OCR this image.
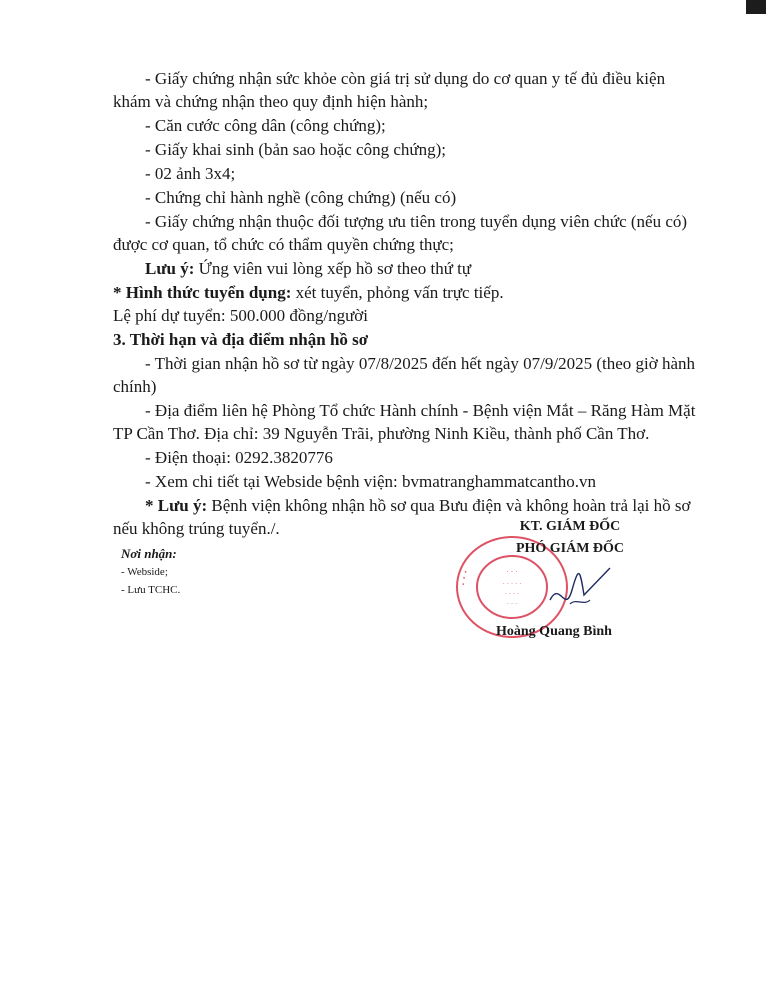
- Giấy chứng nhận sức khỏe còn giá trị sử dụng do cơ quan y tế đủ điều kiện
khám và chứng nhận theo quy định hiện hành;
- Căn cước công dân (công chứng);
- Giấy khai sinh (bản sao hoặc công chứng);
- 02 ảnh 3x4;
- Chứng chỉ hành nghề (công chứng) (nếu có)
- Giấy chứng nhận thuộc đối tượng ưu tiên trong tuyển dụng viên chức (nếu có)
được cơ quan, tổ chức có thẩm quyền chứng thực;
Lưu ý: Ứng viên vui lòng xếp hồ sơ theo thứ tự
* Hình thức tuyển dụng: xét tuyển, phỏng vấn trực tiếp.
Lệ phí dự tuyển: 500.000 đồng/người
3. Thời hạn và địa điểm nhận hồ sơ
- Thời gian nhận hồ sơ từ ngày 07/8/2025 đến hết ngày 07/9/2025 (theo giờ hành
chính)
- Địa điểm liên hệ Phòng Tổ chức Hành chính - Bệnh viện Mắt – Răng Hàm Mặt
TP Cần Thơ. Địa chỉ: 39 Nguyễn Trãi, phường Ninh Kiều, thành phố Cần Thơ.
- Điện thoại: 0292.3820776
- Xem chi tiết tại Webside bệnh viện: bvmatranghammatcantho.vn
* Lưu ý: Bệnh viện không nhận hồ sơ qua Bưu điện và không hoàn trả lại hồ sơ
nếu không trúng tuyển./.
Nơi nhận:
- Webside;
- Lưu TCHC.	· · ·	· · ·
· · · · ·
· · · ·
· · ·
KT. GIÁM ĐỐC
PHÓ GIÁM ĐỐC
Hoàng Quang Bình
